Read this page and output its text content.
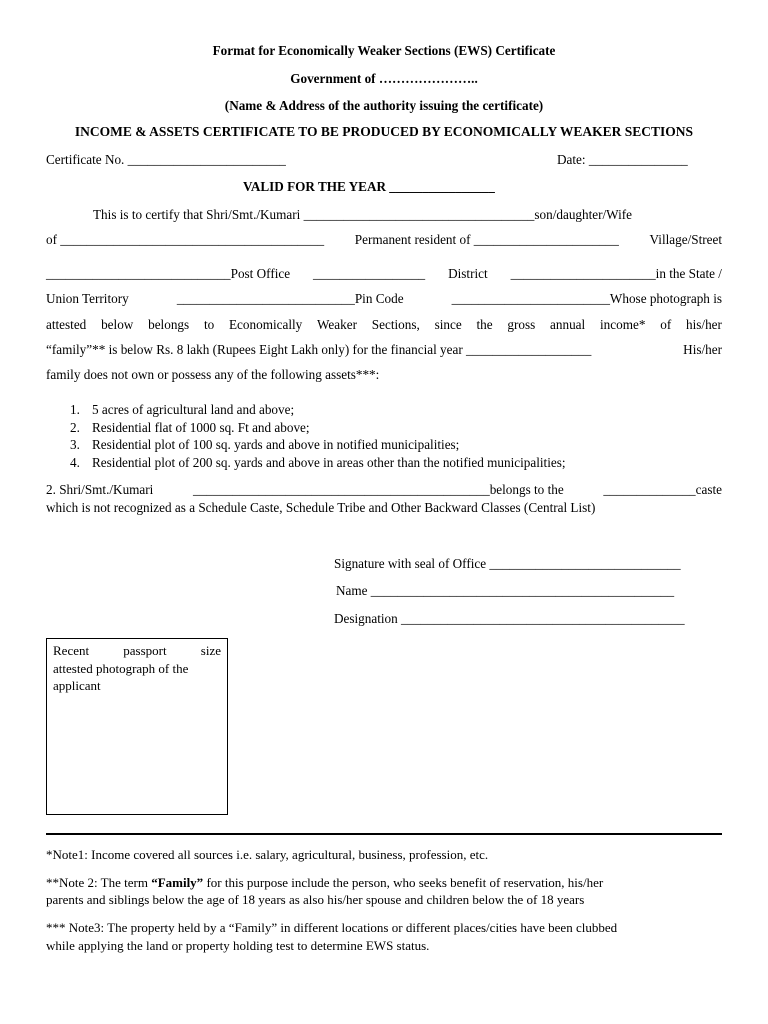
Format for Economically Weaker Sections (EWS) Certificate
Government of …………………..
(Name & Address of the authority issuing the certificate)
INCOME & ASSETS CERTIFICATE TO BE PRODUCED BY ECONOMICALLY WEAKER SECTIONS
Certificate No. ________________________	Date: _______________
VALID FOR THE YEAR ________________
This is to certify that Shri/Smt./Kumari ___________________________________son/daughter/Wife
of ________________________________________ Permanent resident of ______________________ Village/Street
____________________________Post Office _________________ District ______________________in the State /
Union Territory	___________________________Pin Code	________________________Whose photograph is
attested below belongs to Economically Weaker Sections, since the gross annual income* of his/her
“family”** is below Rs. 8 lakh (Rupees Eight Lakh only) for the financial year ___________________	His/her
family does not own or possess any of the following assets***:
1. 5 acres of agricultural land and above;
2. Residential flat of 1000 sq. Ft and above;
3. Residential plot of 100 sq. yards and above in notified municipalities;
4. Residential plot of 200 sq. yards and above in areas other than the notified municipalities;
2. Shri/Smt./Kumari	_____________________________________________belongs to the	______________caste
which is not recognized as a Schedule Caste, Schedule Tribe and Other Backward Classes (Central List)
Signature with seal of Office _____________________________
Name ______________________________________________
Designation ___________________________________________
Recent	passport	size
attested photograph of the
applicant
*Note1: Income covered all sources i.e. salary, agricultural, business, profession, etc.
**Note 2: The term “Family” for this purpose include the person, who seeks benefit of reservation, his/her
parents and siblings below the age of 18 years as also his/her spouse and children below the of 18 years
*** Note3: The property held by a “Family” in different locations or different places/cities have been clubbed
while applying the land or property holding test to determine EWS status.
